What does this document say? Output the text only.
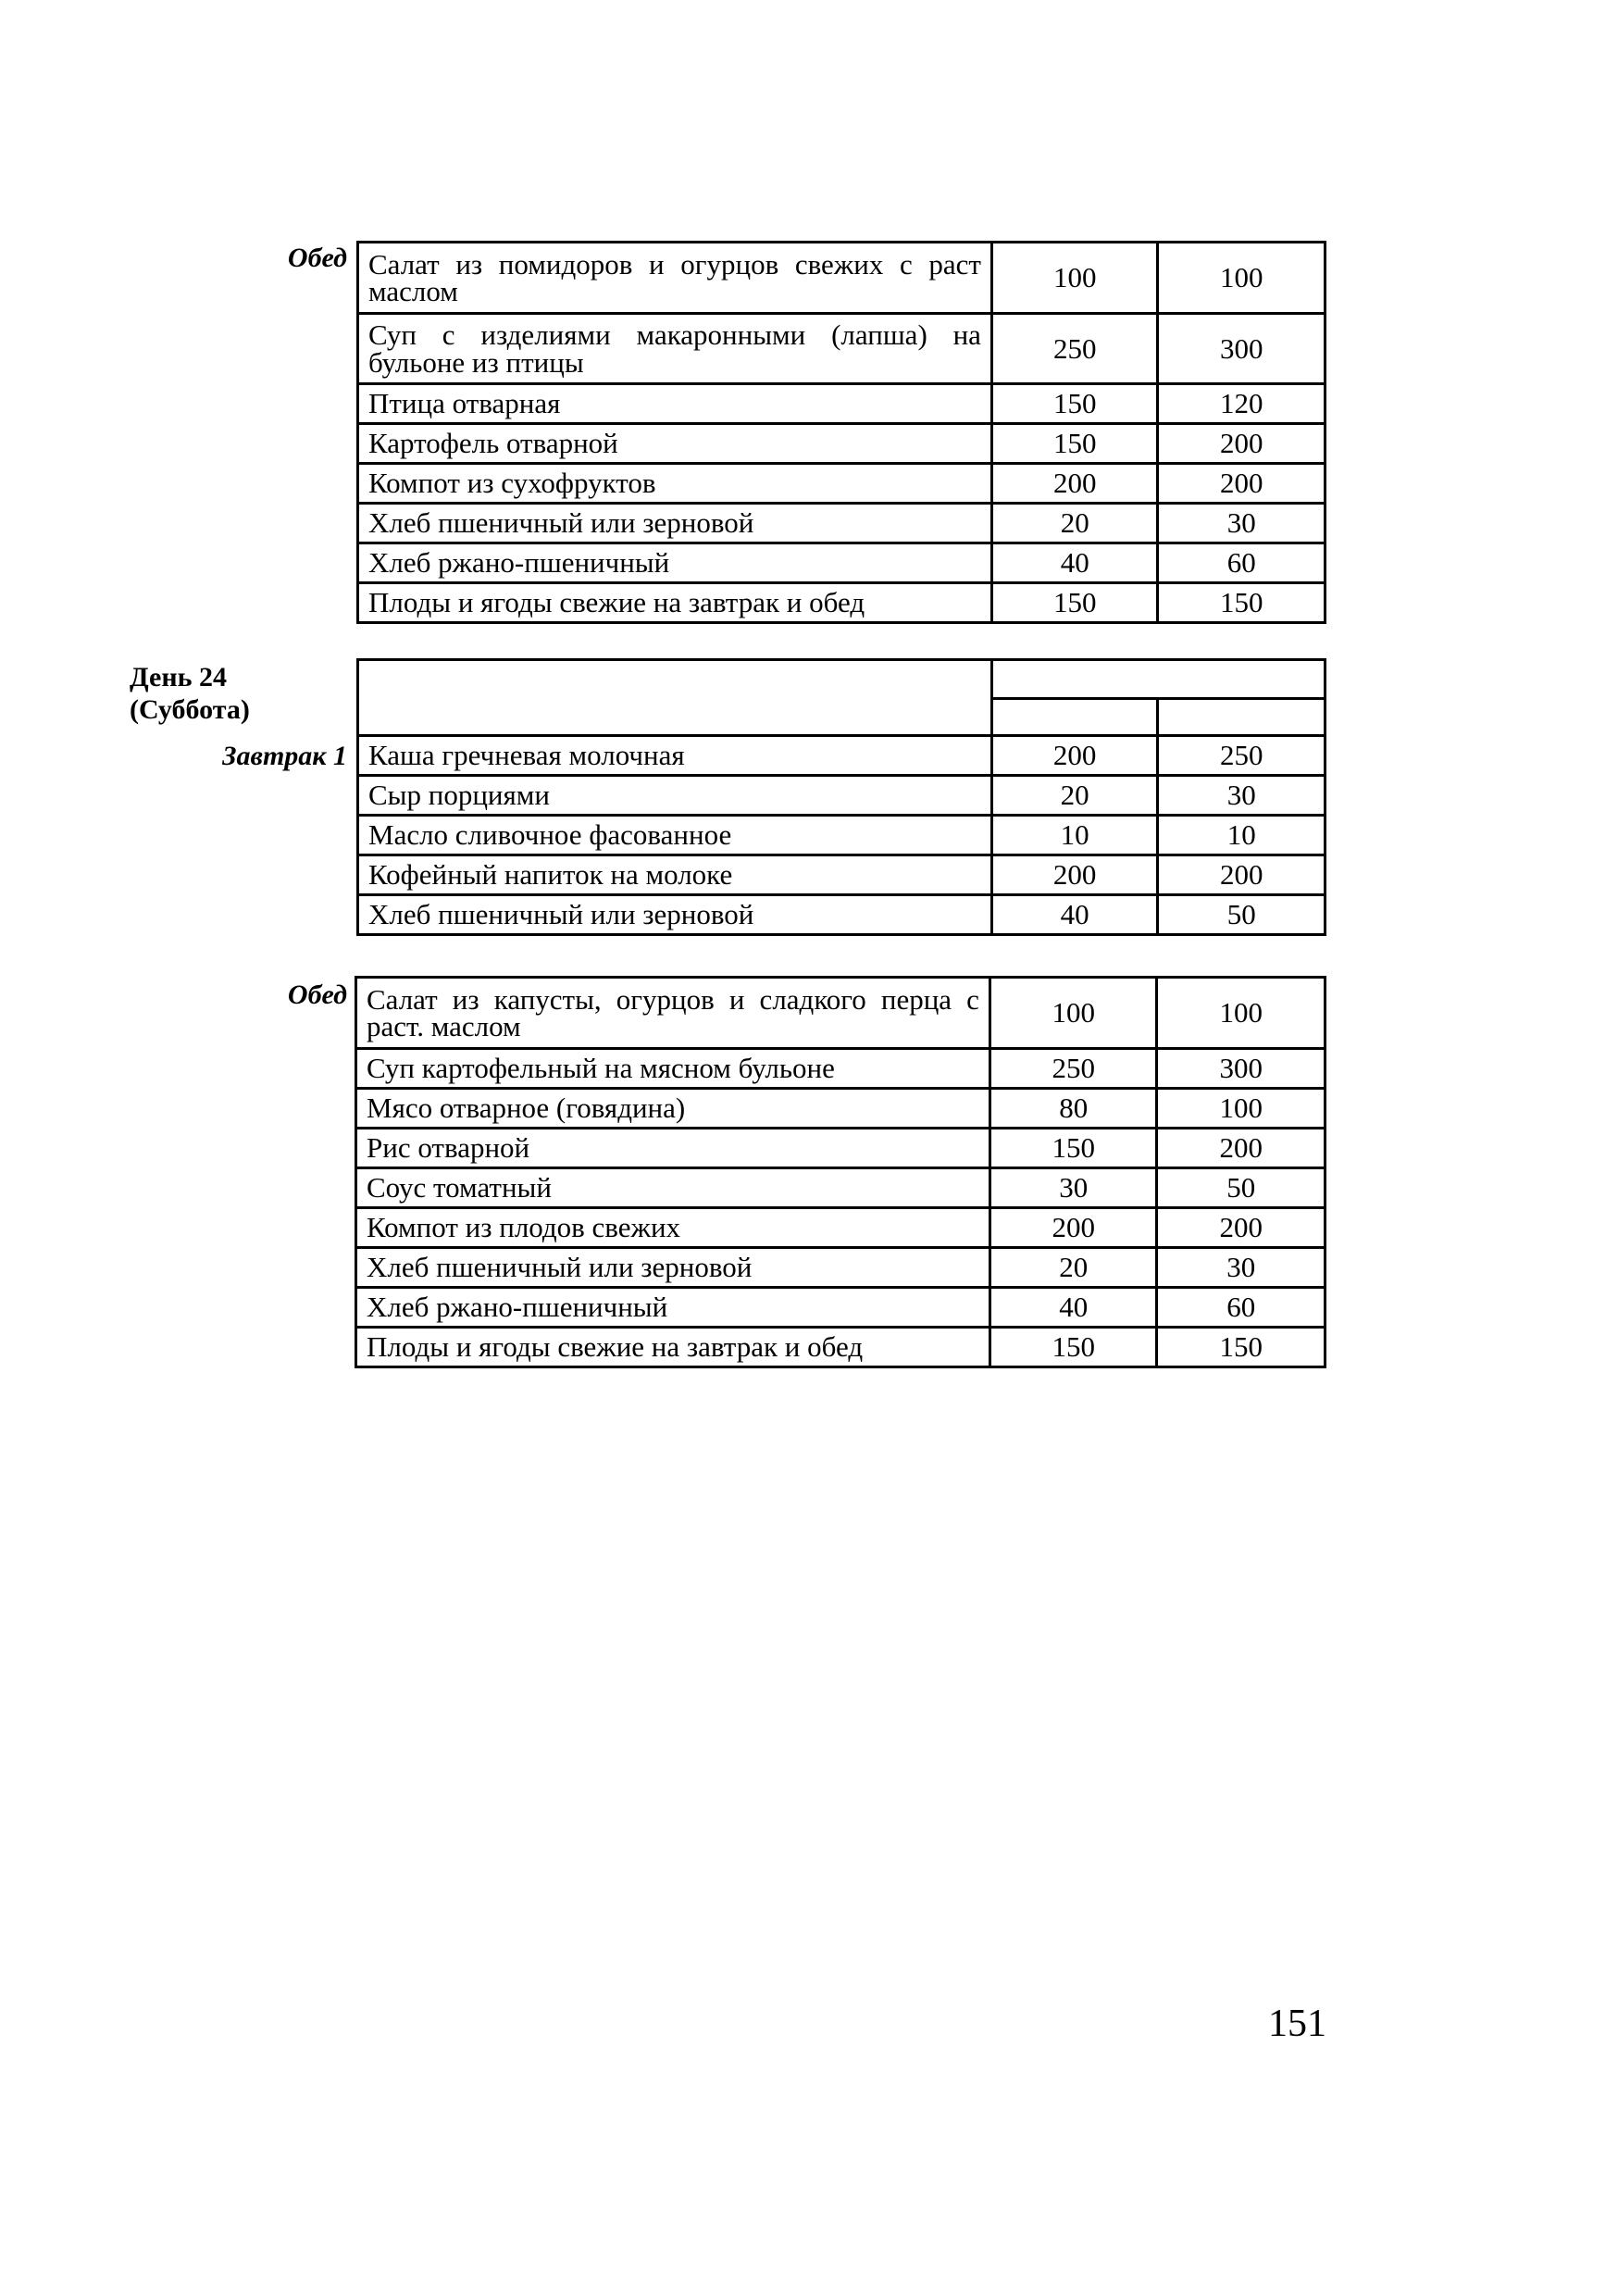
Обед Салат из помидоров и огурцов свежих с раст маслом	100	100
Суп с изделиями макаронными (лапша) на бульоне из птицы	250	300
Птица отварная	150	120
Картофель отварной	150	200
Компот из сухофруктов	200	200
Хлеб пшеничный или зерновой	20	30
Хлеб ржано-пшеничный	40	60
Плоды и ягоды свежие на завтрак и обед	150	150
День 24
(Суббота)
Завтрак 1

	Каша гречневая молочная	200	250
Сыр порциями	20	30
Масло сливочное фасованное	10	10
Кофейный напиток на молоке	200	200
Хлеб пшеничный или зерновой	40	50
Обед Салат из капусты, огурцов и сладкого перца с раст. маслом	100	100
Суп картофельный на мясном бульоне	250	300
Мясо отварное (говядина)	80	100
Рис отварной	150	200
Соус томатный	30	50
Компот из плодов свежих	200	200
Хлеб пшеничный или зерновой	20	30
Хлеб ржано-пшеничный	40	60
Плоды и ягоды свежие на завтрак и обед	150	150
151
